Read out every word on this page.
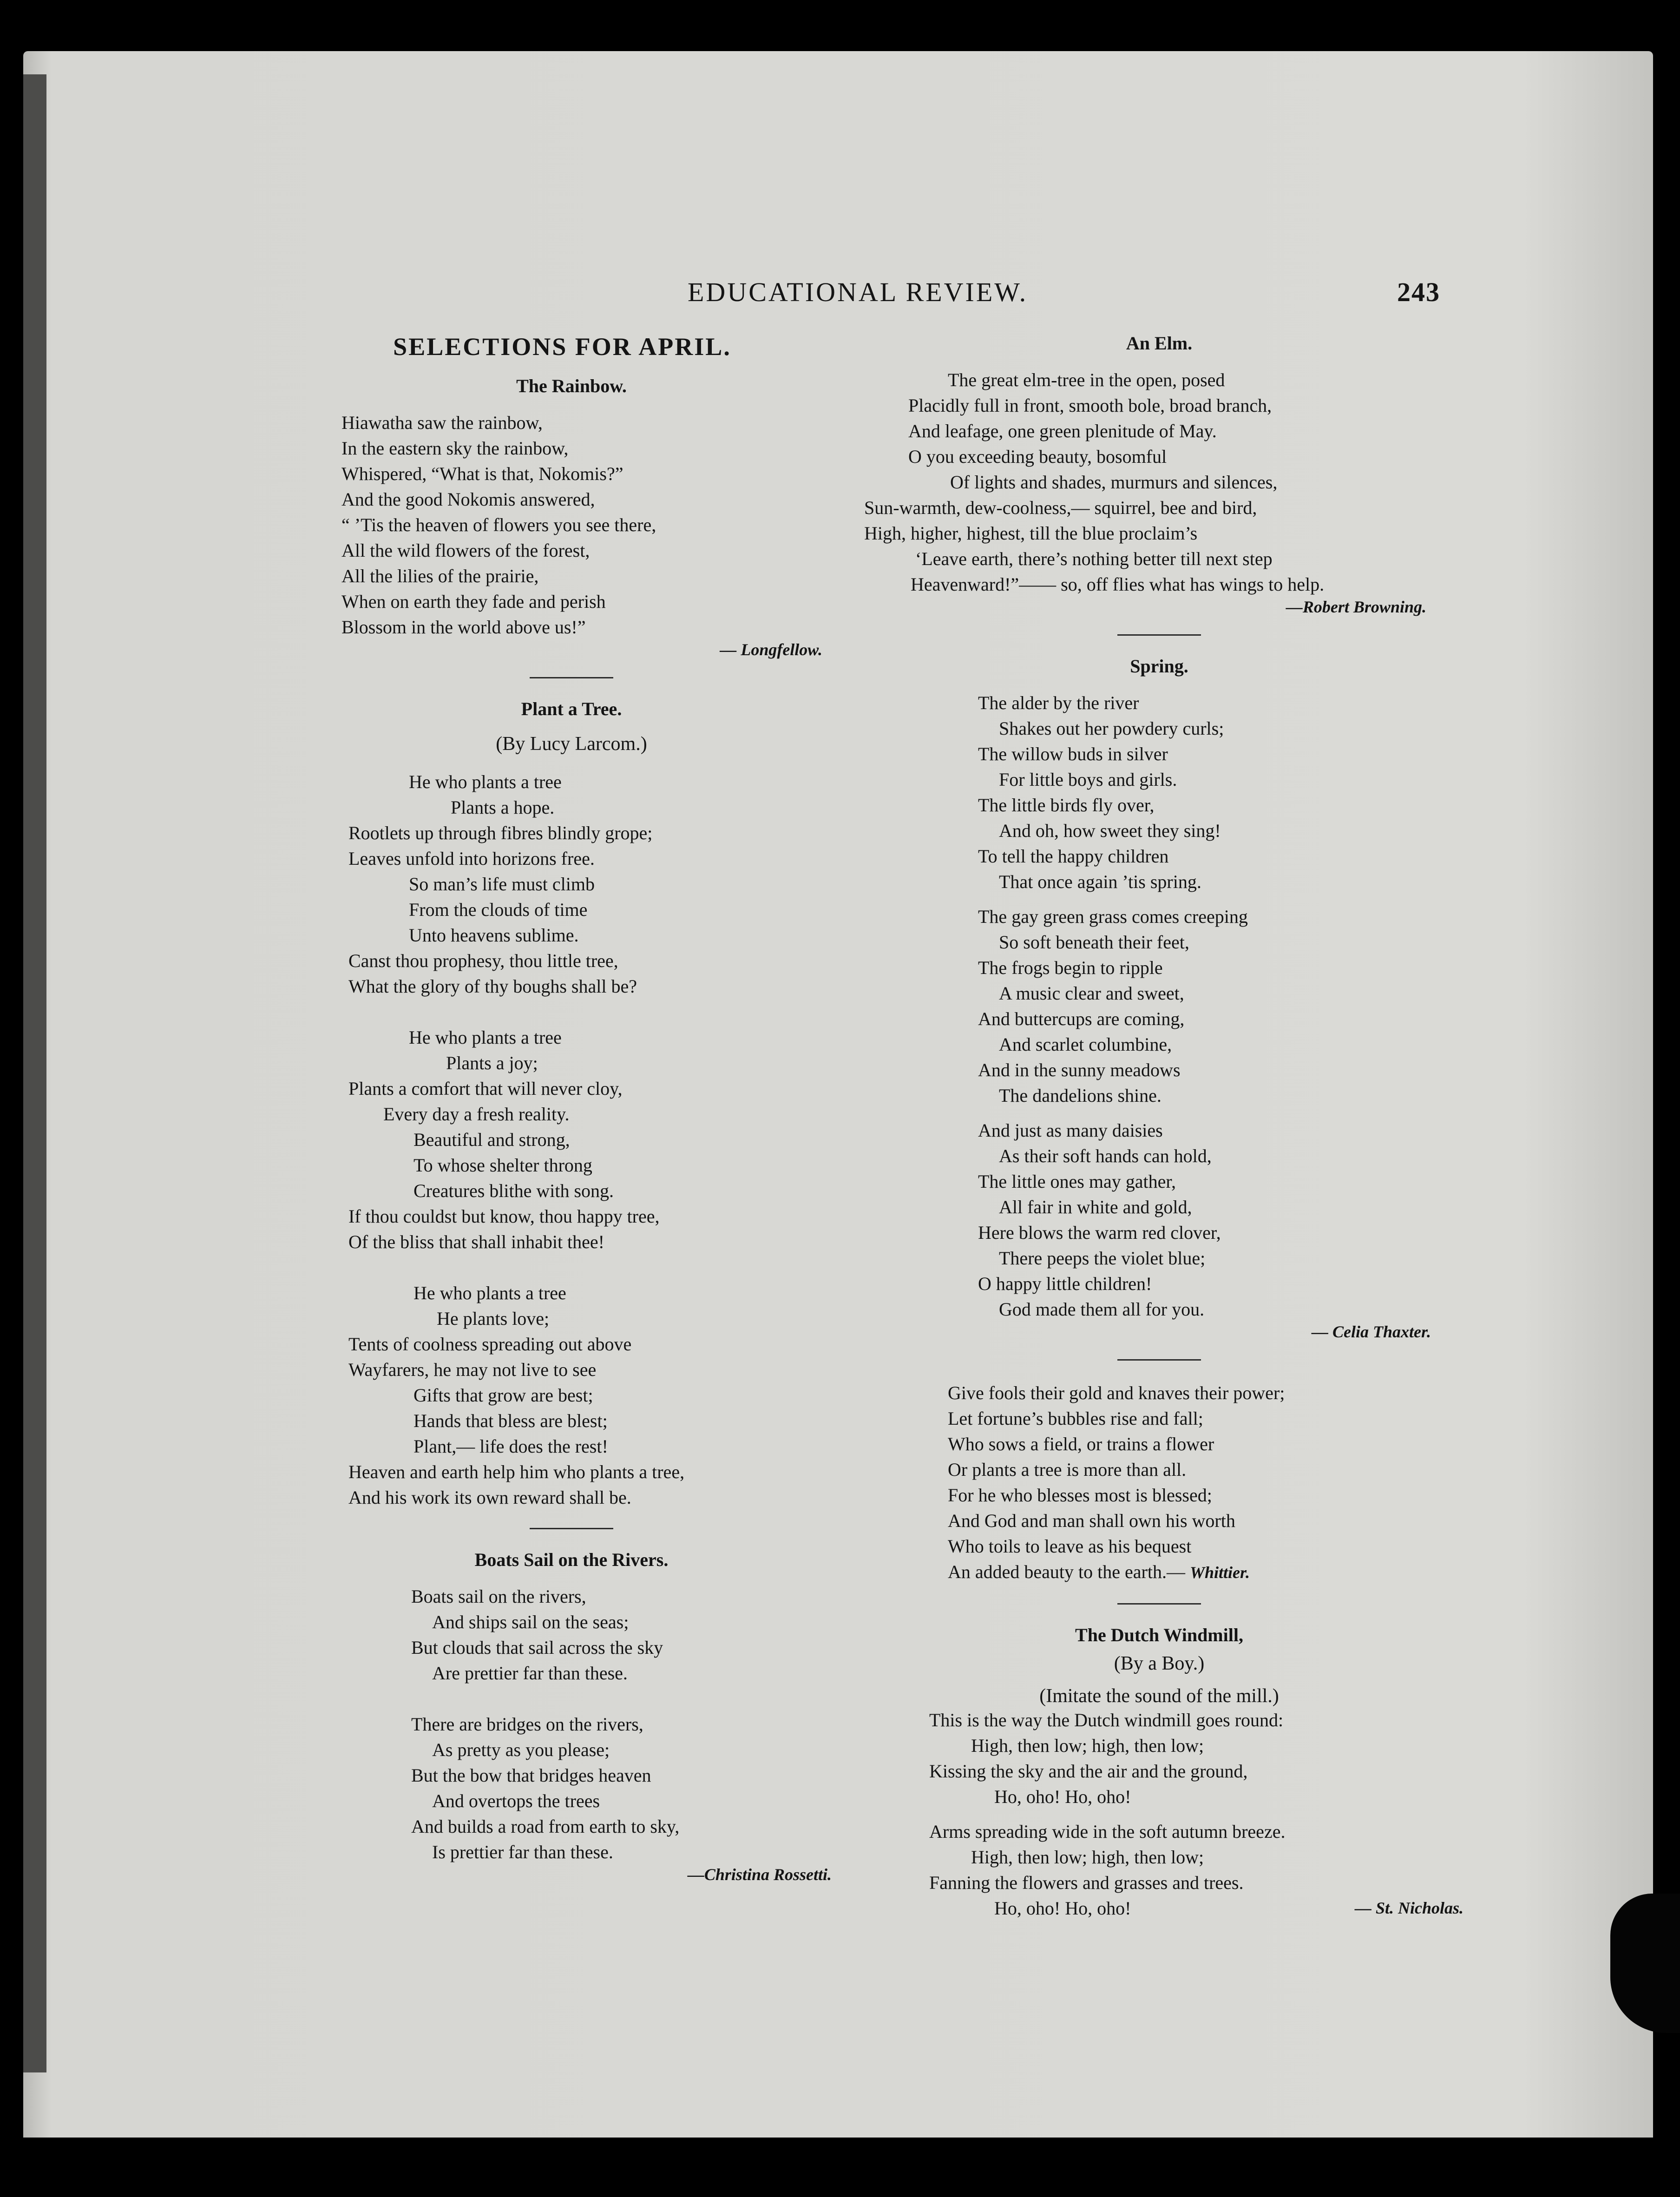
EDUCATIONAL REVIEW.	243
SELECTIONS FOR APRIL.
The Rainbow.
Hiawatha saw the rainbow,
In the eastern sky the rainbow,
Whispered, “What is that, Nokomis?”
And the good Nokomis answered,
“ ’Tis the heaven of flowers you see there,
All the wild flowers of the forest,
All the lilies of the prairie,
When on earth they fade and perish
Blossom in the world above us!”
— Longfellow.
Plant a Tree.
(By Lucy Larcom.)
He who plants a tree
Plants a hope.
Rootlets up through fibres blindly grope;
Leaves unfold into horizons free.
So man’s life must climb
From the clouds of time
Unto heavens sublime.
Canst thou prophesy, thou little tree,
What the glory of thy boughs shall be?
He who plants a tree
Plants a joy;
Plants a comfort that will never cloy,
Every day a fresh reality.
Beautiful and strong,
To whose shelter throng
Creatures blithe with song.
If thou couldst but know, thou happy tree,
Of the bliss that shall inhabit thee!
He who plants a tree
He plants love;
Tents of coolness spreading out above
Wayfarers, he may not live to see
Gifts that grow are best;
Hands that bless are blest;
Plant,— life does the rest!
Heaven and earth help him who plants a tree,
And his work its own reward shall be.
Boats Sail on the Rivers.
Boats sail on the rivers,
And ships sail on the seas;
But clouds that sail across the sky
Are prettier far than these.
There are bridges on the rivers,
As pretty as you please;
But the bow that bridges heaven
And overtops the trees
And builds a road from earth to sky,
Is prettier far than these.
—Christina Rossetti.
An Elm.
The great elm-tree in the open, posed
Placidly full in front, smooth bole, broad branch,
And leafage, one green plenitude of May.
O you exceeding beauty, bosomful
Of lights and shades, murmurs and silences,
Sun-warmth, dew-coolness,— squirrel, bee and bird,
High, higher, highest, till the blue proclaim’s
‘Leave earth, there’s nothing better till next step
Heavenward!”—— so, off flies what has wings to help.
—Robert Browning.
Spring.
The alder by the river
Shakes out her powdery curls;
The willow buds in silver
For little boys and girls.
The little birds fly over,
And oh, how sweet they sing!
To tell the happy children
That once again ’tis spring.
The gay green grass comes creeping
So soft beneath their feet,
The frogs begin to ripple
A music clear and sweet,
And buttercups are coming,
And scarlet columbine,
And in the sunny meadows
The dandelions shine.
And just as many daisies
As their soft hands can hold,
The little ones may gather,
All fair in white and gold,
Here blows the warm red clover,
There peeps the violet blue;
O happy little children!
God made them all for you.
— Celia Thaxter.
Give fools their gold and knaves their power;
Let fortune’s bubbles rise and fall;
Who sows a field, or trains a flower
Or plants a tree is more than all.
For he who blesses most is blessed;
And God and man shall own his worth
Who toils to leave as his bequest
An added beauty to the earth.— Whittier.
The Dutch Windmill,
(By a Boy.)
(Imitate the sound of the mill.)
This is the way the Dutch windmill goes round:
High, then low; high, then low;
Kissing the sky and the air and the ground,
Ho, oho! Ho, oho!
Arms spreading wide in the soft autumn breeze.
High, then low; high, then low;
Fanning the flowers and grasses and trees.
Ho, oho! Ho, oho!	— St. Nicholas.
